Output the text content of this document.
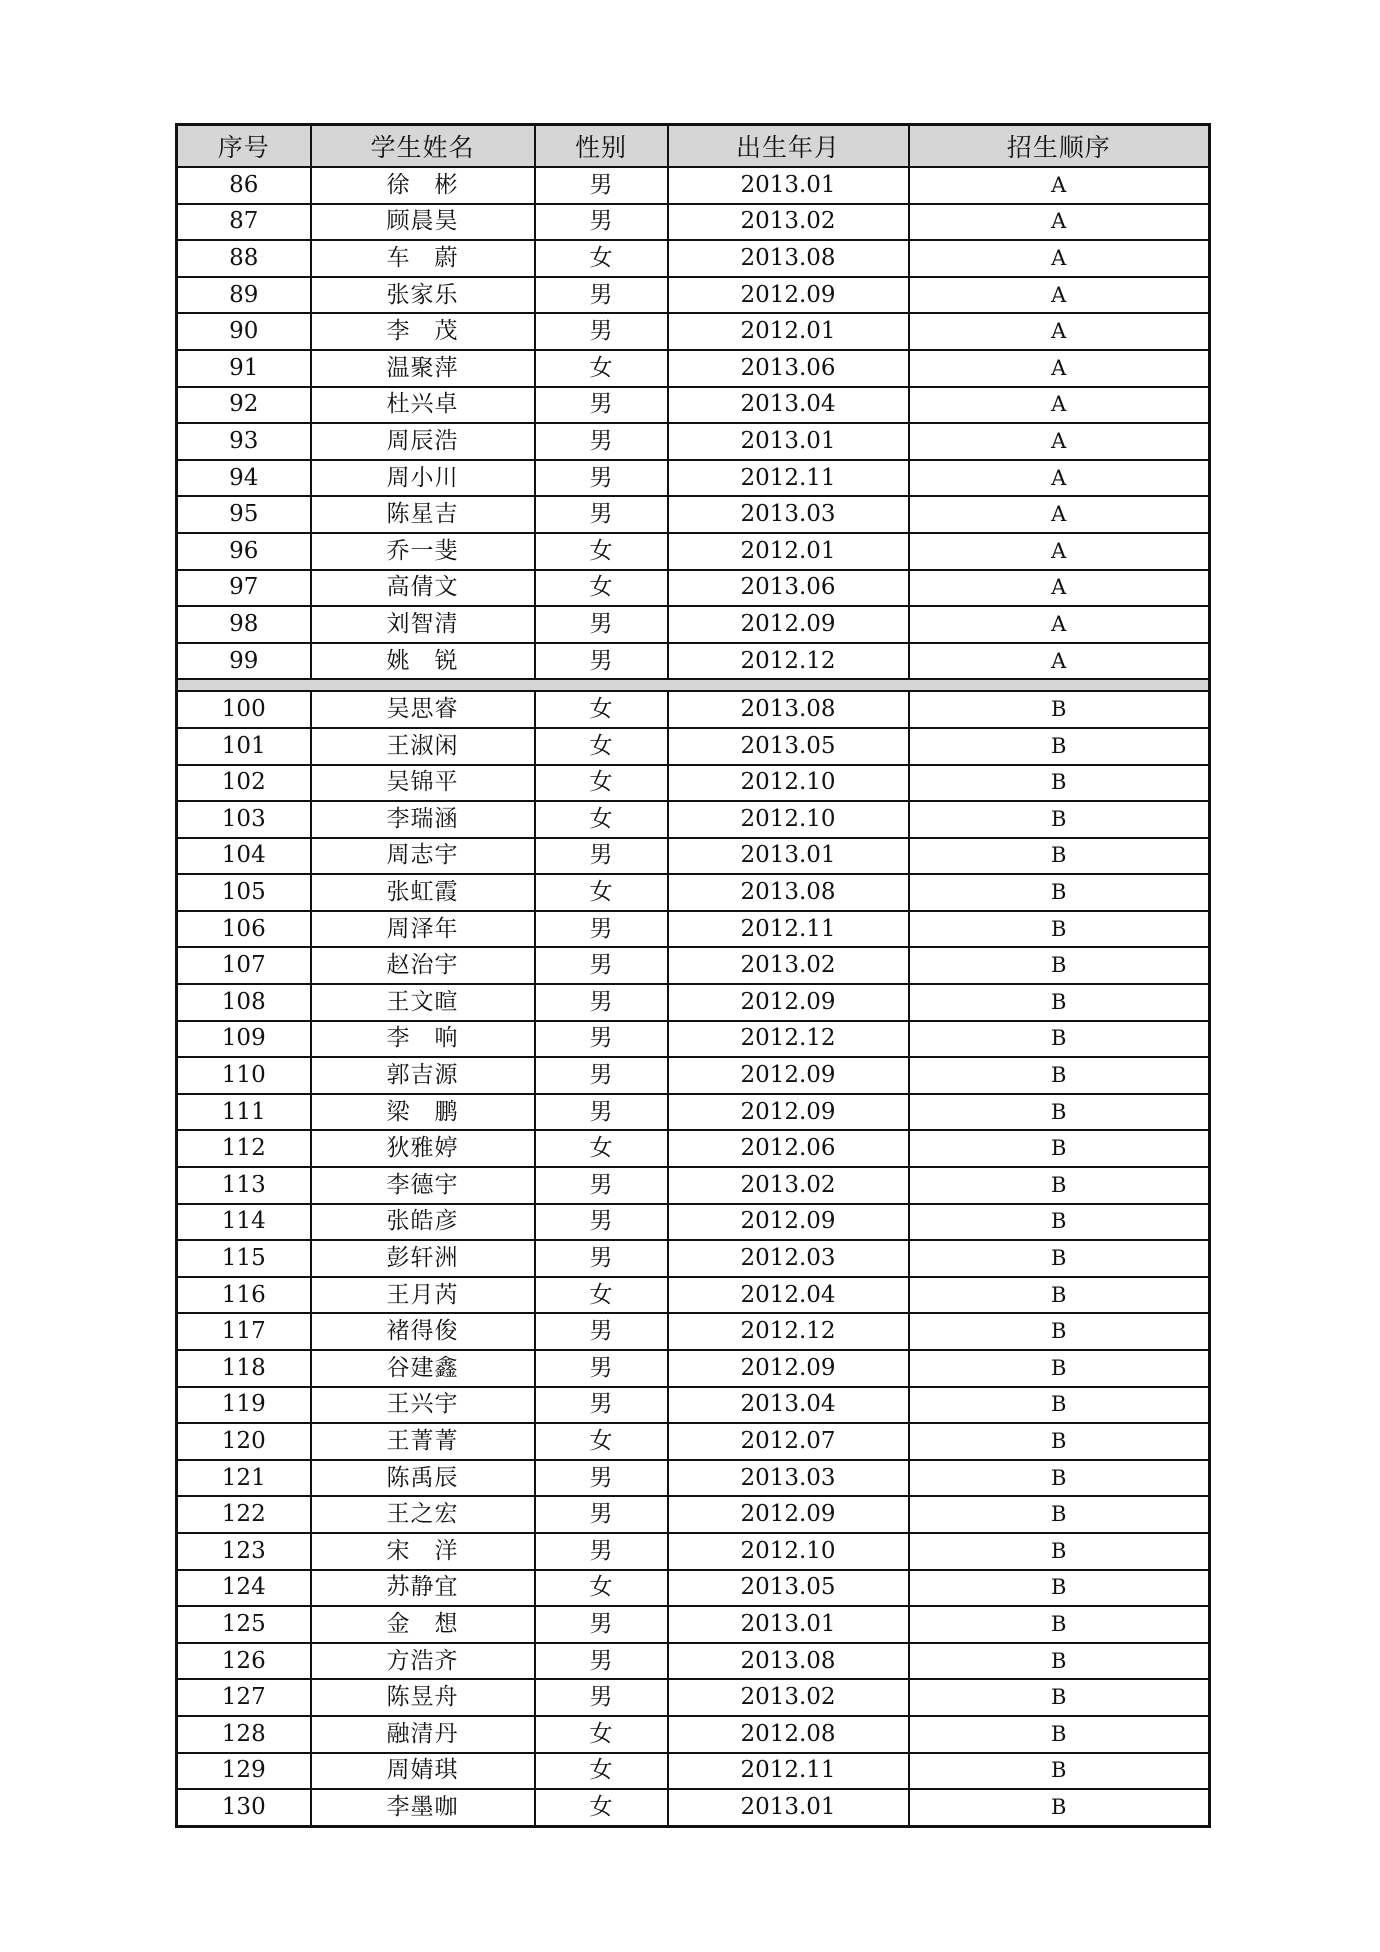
序号	学生姓名	性别	出生年月	招生顺序
86	徐　彬	男	2013.01	A
87	顾晨昊	男	2013.02	A
88	车　蔚	女	2013.08	A
89	张家乐	男	2012.09	A
90	李　茂	男	2012.01	A
91	温聚萍	女	2013.06	A
92	杜兴卓	男	2013.04	A
93	周辰浩	男	2013.01	A
94	周小川	男	2012.11	A
95	陈星吉	男	2013.03	A
96	乔一斐	女	2012.01	A
97	高倩文	女	2013.06	A
98	刘智清	男	2012.09	A
99	姚　锐	男	2012.12	A

100	吴思睿	女	2013.08	B
101	王淑闲	女	2013.05	B
102	吴锦平	女	2012.10	B
103	李瑞涵	女	2012.10	B
104	周志宇	男	2013.01	B
105	张虹霞	女	2013.08	B
106	周泽年	男	2012.11	B
107	赵治宇	男	2013.02	B
108	王文暄	男	2012.09	B
109	李　响	男	2012.12	B
110	郭吉源	男	2012.09	B
111	梁　鹏	男	2012.09	B
112	狄雅婷	女	2012.06	B
113	李德宇	男	2013.02	B
114	张皓彦	男	2012.09	B
115	彭轩洲	男	2012.03	B
116	王月芮	女	2012.04	B
117	褚得俊	男	2012.12	B
118	谷建鑫	男	2012.09	B
119	王兴宇	男	2013.04	B
120	王菁菁	女	2012.07	B
121	陈禹辰	男	2013.03	B
122	王之宏	男	2012.09	B
123	宋　洋	男	2012.10	B
124	苏静宜	女	2013.05	B
125	金　想	男	2013.01	B
126	方浩齐	男	2013.08	B
127	陈昱舟	男	2013.02	B
128	融清丹	女	2012.08	B
129	周婧琪	女	2012.11	B
130	李墨咖	女	2013.01	B
